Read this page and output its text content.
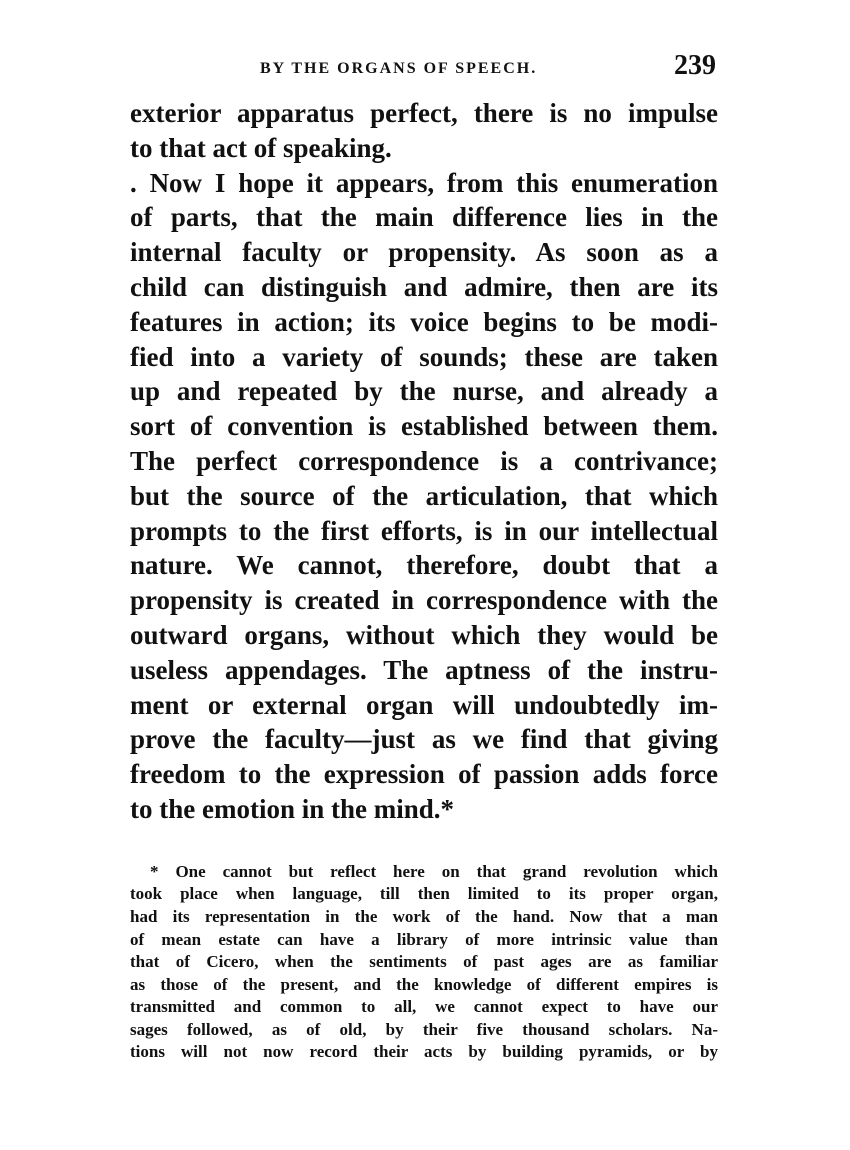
BY THE ORGANS OF SPEECH.	239
exterior apparatus perfect, there is no impulse
to that act of speaking.
. Now I hope it appears, from this enumeration
of parts, that the main difference lies in the
internal faculty or propensity. As soon as a
child can distinguish and admire, then are its
features in action; its voice begins to be modi-
fied into a variety of sounds; these are taken
up and repeated by the nurse, and already a
sort of convention is established between them.
The perfect correspondence is a contrivance;
but the source of the articulation, that which
prompts to the first efforts, is in our intellectual
nature. We cannot, therefore, doubt that a
propensity is created in correspondence with the
outward organs, without which they would be
useless appendages. The aptness of the instru-
ment or external organ will undoubtedly im-
prove the faculty—just as we find that giving
freedom to the expression of passion adds force
to the emotion in the mind.*
* One cannot but reflect here on that grand revolution which
took place when language, till then limited to its proper organ,
had its representation in the work of the hand. Now that a man
of mean estate can have a library of more intrinsic value than
that of Cicero, when the sentiments of past ages are as familiar
as those of the present, and the knowledge of different empires is
transmitted and common to all, we cannot expect to have our
sages followed, as of old, by their five thousand scholars. Na-
tions will not now record their acts by building pyramids, or by
